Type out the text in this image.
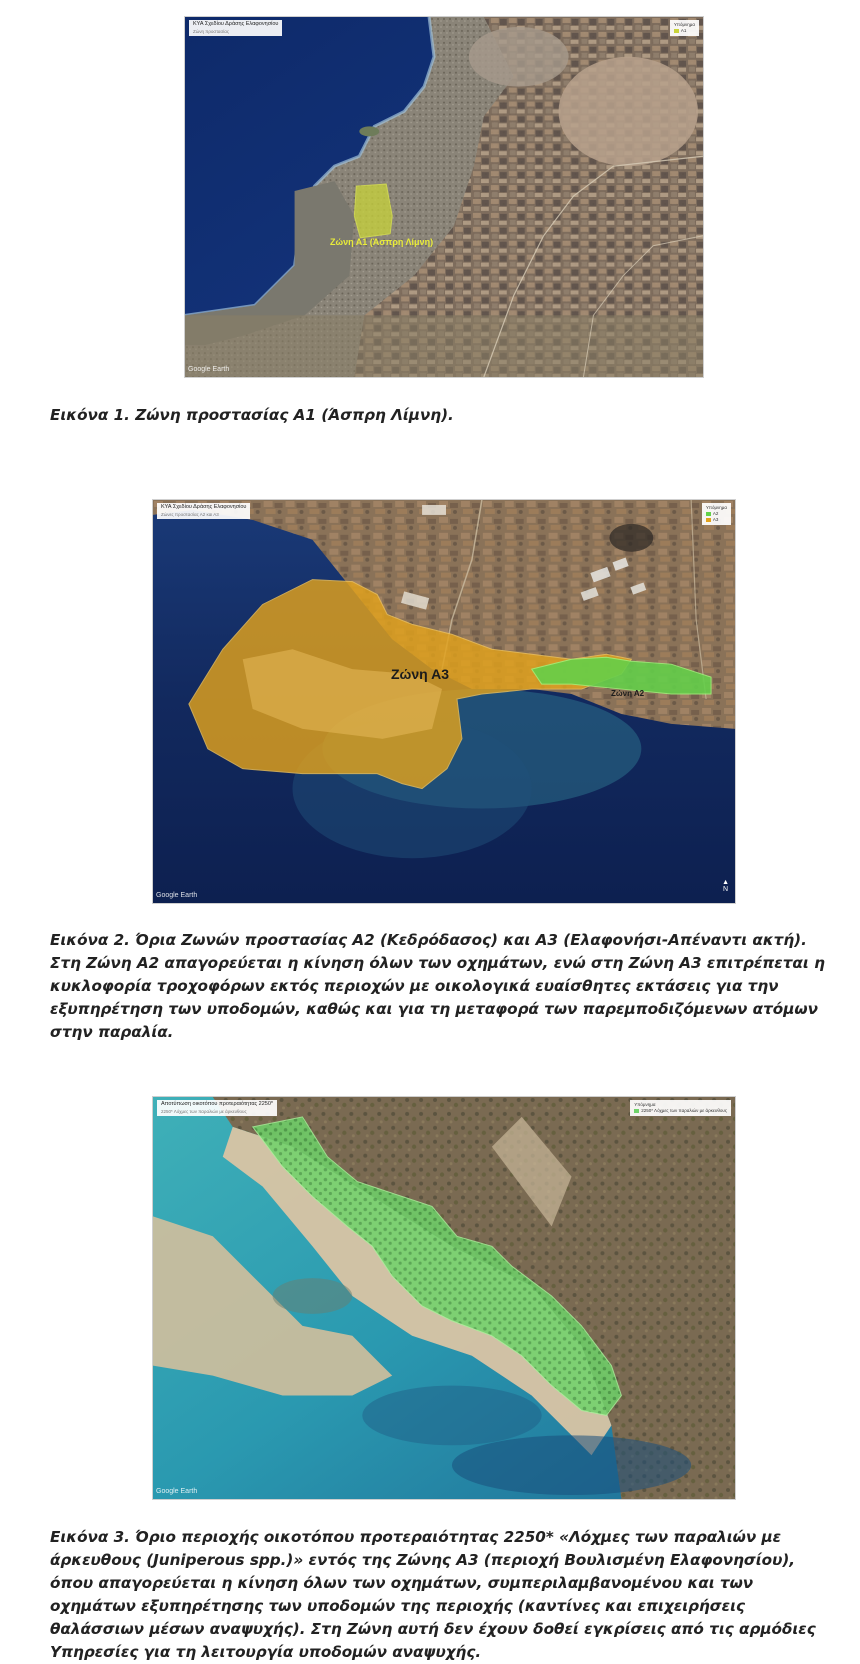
ΚΥΑ Σχεδίου Δράσης Ελαφονησίου
Ζώνη προστασίας
Υπόμνημα
Α1
Ζώνη Α1 (Άσπρη Λίμνη)
Google Earth

Εικόνα 1. Ζώνη προστασίας Α1 (Άσπρη Λίμνη).

ΚΥΑ Σχεδίου Δράσης Ελαφονησίου
Ζώνες προστασίας Α2 και Α3
Υπόμνημα
Α2
Α3
Ζώνη Α3
Ζώνη Α2
▲
N
Google Earth

Εικόνα 2. Όρια Ζωνών προστασίας Α2 (Κεδρόδασος) και Α3 (Ελαφονήσι-Απέναντι ακτή). Στη Ζώνη Α2 απαγορεύεται η κίνηση όλων των οχημάτων, ενώ στη Ζώνη Α3 επιτρέπεται η κυκλοφορία τροχοφόρων εκτός περιοχών με οικολογικά ευαίσθητες εκτάσεις για την εξυπηρέτηση των υποδομών, καθώς και για τη μεταφορά των παρεμποδιζόμενων ατόμων στην παραλία.

Αποτύπωση οικοτόπου προτεραιότητας 2250*
2250* Λόχμες των παραλιών με άρκευθους
Υπόμνημα
2250* Λόχμες των παραλιών με άρκευθους
Google Earth

Εικόνα 3. Όριο περιοχής οικοτόπου προτεραιότητας 2250* «Λόχμες των παραλιών με άρκευθους (Juniperous spp.)» εντός της Ζώνης Α3 (περιοχή Βουλισμένη Ελαφονησίου), όπου απαγορεύεται η κίνηση όλων των οχημάτων, συμπεριλαμβανομένου και των οχημάτων εξυπηρέτησης των υποδομών της περιοχής (καντίνες και επιχειρήσεις θαλάσσιων μέσων αναψυχής). Στη Ζώνη αυτή δεν έχουν δοθεί εγκρίσεις από τις αρμόδιες Υπηρεσίες για τη λειτουργία υποδομών αναψυχής.
